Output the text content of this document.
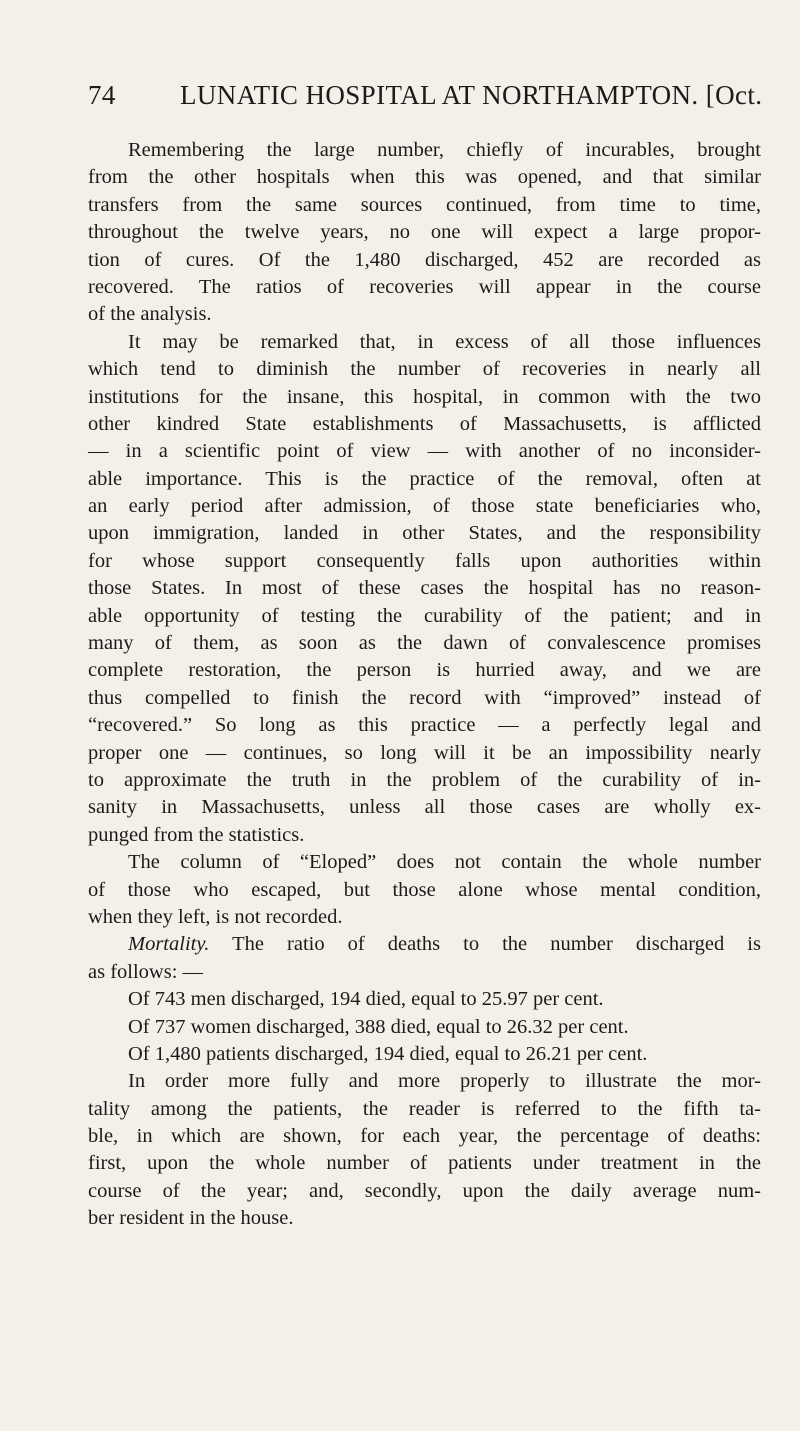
74 LUNATIC HOSPITAL AT NORTHAMPTON. [Oct.
Remembering the large number, chiefly of incurables, brought
from the other hospitals when this was opened, and that similar
transfers from the same sources continued, from time to time,
throughout the twelve years, no one will expect a large propor-
tion of cures. Of the 1,480 discharged, 452 are recorded as
recovered. The ratios of recoveries will appear in the course
of the analysis.
It may be remarked that, in excess of all those influences
which tend to diminish the number of recoveries in nearly all
institutions for the insane, this hospital, in common with the two
other kindred State establishments of Massachusetts, is afflicted
— in a scientific point of view — with another of no inconsider-
able importance. This is the practice of the removal, often at
an early period after admission, of those state beneficiaries who,
upon immigration, landed in other States, and the responsibility
for whose support consequently falls upon authorities within
those States. In most of these cases the hospital has no reason-
able opportunity of testing the curability of the patient; and in
many of them, as soon as the dawn of convalescence promises
complete restoration, the person is hurried away, and we are
thus compelled to finish the record with “improved” instead of
“recovered.” So long as this practice — a perfectly legal and
proper one — continues, so long will it be an impossibility nearly
to approximate the truth in the problem of the curability of in-
sanity in Massachusetts, unless all those cases are wholly ex-
punged from the statistics.
The column of “Eloped” does not contain the whole number
of those who escaped, but those alone whose mental condition,
when they left, is not recorded.
Mortality. The ratio of deaths to the number discharged is
as follows: —
Of 743 men discharged, 194 died, equal to 25.97 per cent.
Of 737 women discharged, 388 died, equal to 26.32 per cent.
Of 1,480 patients discharged, 194 died, equal to 26.21 per cent.
In order more fully and more properly to illustrate the mor-
tality among the patients, the reader is referred to the fifth ta-
ble, in which are shown, for each year, the percentage of deaths:
first, upon the whole number of patients under treatment in the
course of the year; and, secondly, upon the daily average num-
ber resident in the house.
